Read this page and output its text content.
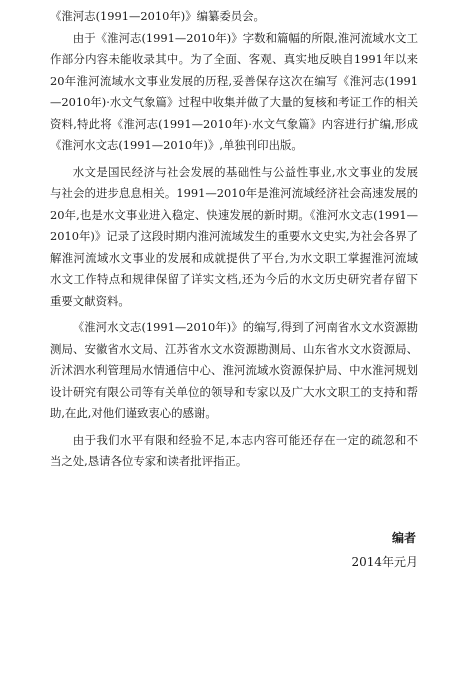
《淮河志(1991—2010年)》编纂委员会。

由于《淮河志(1991—2010年)》字数和篇幅的所限,淮河流域水文工作部分内容未能收录其中。为了全面、客观、真实地反映自1991年以来20年淮河流域水文事业发展的历程,妥善保存这次在编写《淮河志(1991—2010年)·水文气象篇》过程中收集并做了大量的复核和考证工作的相关资料,特此将《淮河志(1991—2010年)·水文气象篇》内容进行扩编,形成《淮河水文志(1991—2010年)》,单独刊印出版。

水文是国民经济与社会发展的基础性与公益性事业,水文事业的发展与社会的进步息息相关。1991—2010年是淮河流域经济社会高速发展的20年,也是水文事业进入稳定、快速发展的新时期。《淮河水文志(1991—2010年)》记录了这段时期内淮河流域发生的重要水文史实,为社会各界了解淮河流域水文事业的发展和成就提供了平台,为水文职工掌握淮河流域水文工作特点和规律保留了详实文档,还为今后的水文历史研究者存留下重要文献资料。

《淮河水文志(1991—2010年)》的编写,得到了河南省水文水资源勘测局、安徽省水文局、江苏省水文水资源勘测局、山东省水文水资源局、沂沭泗水利管理局水情通信中心、淮河流域水资源保护局、中水淮河规划设计研究有限公司等有关单位的领导和专家以及广大水文职工的支持和帮助,在此,对他们谨致衷心的感谢。

由于我们水平有限和经验不足,本志内容可能还存在一定的疏忽和不当之处,恳请各位专家和读者批评指正。

编者
2014年元月
